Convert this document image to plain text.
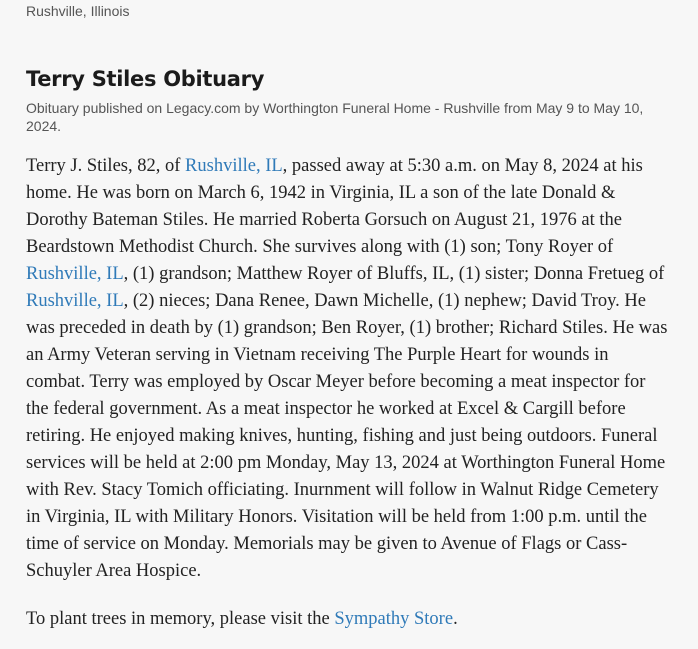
Rushville, Illinois
Terry Stiles Obituary
Obituary published on Legacy.com by Worthington Funeral Home - Rushville from May 9 to May 10, 2024.

Terry J. Stiles, 82, of Rushville, IL, passed away at 5:30 a.m. on May 8, 2024 at his home. He was born on March 6, 1942 in Virginia, IL a son of the late Donald & Dorothy Bateman Stiles. He married Roberta Gorsuch on August 21, 1976 at the Beardstown Methodist Church. She survives along with (1) son; Tony Royer of Rushville, IL, (1) grandson; Matthew Royer of Bluffs, IL, (1) sister; Donna Fretueg of Rushville, IL, (2) nieces; Dana Renee, Dawn Michelle, (1) nephew; David Troy. He was preceded in death by (1) grandson; Ben Royer, (1) brother; Richard Stiles. He was an Army Veteran serving in Vietnam receiving The Purple Heart for wounds in combat. Terry was employed by Oscar Meyer before becoming a meat inspector for the federal government. As a meat inspector he worked at Excel & Cargill before retiring. He enjoyed making knives, hunting, fishing and just being outdoors. Funeral services will be held at 2:00 pm Monday, May 13, 2024 at Worthington Funeral Home with Rev. Stacy Tomich officiating. Inurnment will follow in Walnut Ridge Cemetery in Virginia, IL with Military Honors. Visitation will be held from 1:00 p.m. until the time of service on Monday. Memorials may be given to Avenue of Flags or Cass-Schuyler Area Hospice.

To plant trees in memory, please visit the Sympathy Store.
